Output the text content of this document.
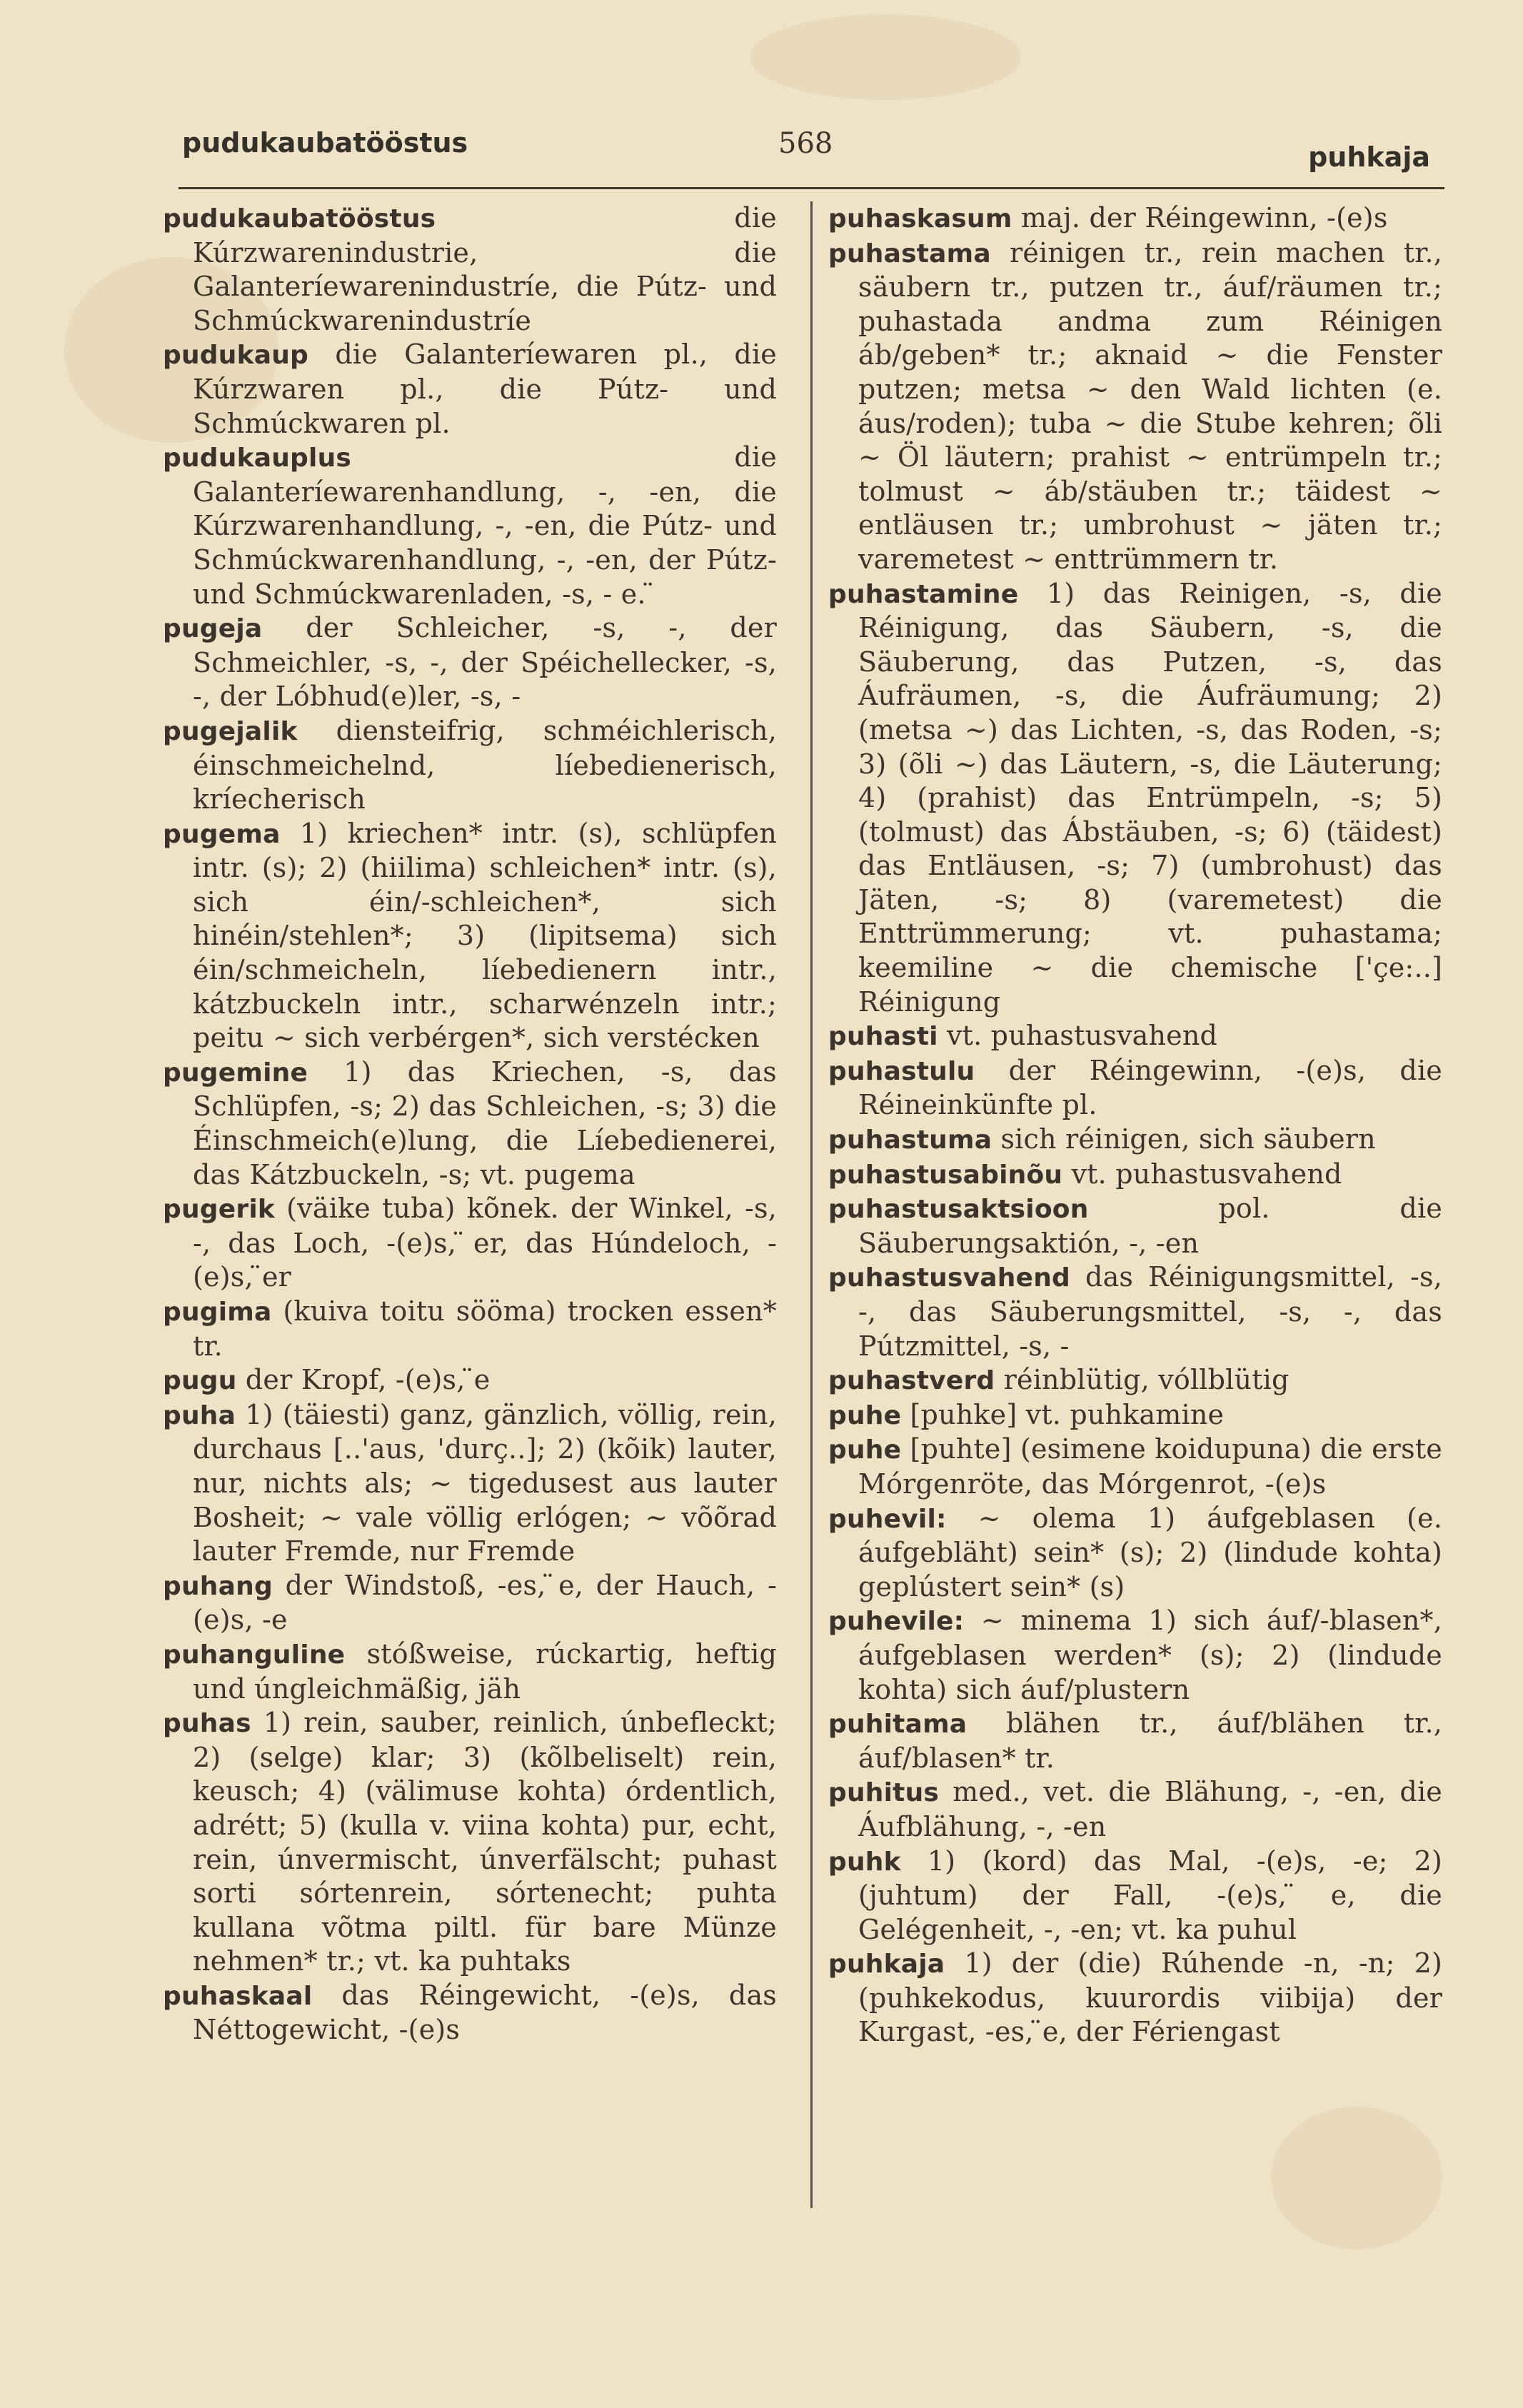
pudukaubatööstus	568	puhkaja

pudukaubatööstus die Kúrzwarenindustrie, die Galanteríewarenindustríe, die Pútz- und Schmúckwarenindustríe

pudukaup die Galanteríewaren pl., die Kúrzwaren pl., die Pútz- und Schmúckwaren pl.

pudukauplus die Galanteríewarenhandlung, -, -en, die Kúrzwarenhandlung, -, -en, die Pútz- und Schmúckwarenhandlung, -, -en, der Pútz- und Schmúckwarenladen, -s, - e. ̈

pugeja der Schleicher, -s, -, der Schmeichler, -s, -, der Spéichellecker, -s, -, der Lóbhud(e)ler, -s, -

pugejalik diensteifrig, schméichlerisch, éinschmeichelnd, líebedienerisch, kríecherisch

pugema 1) kriechen* intr. (s), schlüpfen intr. (s); 2) (hiilima) schleichen* intr. (s), sich éin/-schleichen*, sich hinéin/stehlen*; 3) (lipitsema) sich éin/schmeicheln, líebedienern intr., kátzbuckeln intr., scharwénzeln intr.; peitu ~ sich verbérgen*, sich verstécken

pugemine 1) das Kriechen, -s, das Schlüpfen, -s; 2) das Schleichen, -s; 3) die Éinschmeich(e)lung, die Líebedienerei, das Kátzbuckeln, -s; vt. pugema

pugerik (väike tuba) kõnek. der Winkel, -s, -, das Loch, -(e)s, ̈er, das Húndeloch, -(e)s, ̈er

pugima (kuiva toitu sööma) trocken essen* tr.

pugu der Kropf, -(e)s, ̈e

puha 1) (täiesti) ganz, gänzlich, völlig, rein, durchaus [..'aus, 'durç..]; 2) (kõik) lauter, nur, nichts als; ~ tigedusest aus lauter Bosheit; ~ vale völlig erlógen; ~ võõrad lauter Fremde, nur Fremde

puhang der Windstoß, -es, ̈e, der Hauch, -(e)s, -e

puhanguline stóßweise, rúckartig, heftig und úngleichmäßig, jäh

puhas 1) rein, sauber, reinlich, únbefleckt; 2) (selge) klar; 3) (kõlbeliselt) rein, keusch; 4) (välimuse kohta) órdentlich, adrétt; 5) (kulla v. viina kohta) pur, echt, rein, únvermischt, únverfälscht; puhast sorti sórtenrein, sórtenecht; puhta kullana võtma piltl. für bare Münze nehmen* tr.; vt. ka puhtaks

puhaskaal das Réingewicht, -(e)s, das Néttogewicht, -(e)s

puhaskasum maj. der Réingewinn, -(e)s

puhastama réinigen tr., rein machen tr., säubern tr., putzen tr., áuf/räumen tr.; puhastada andma zum Réinigen áb/geben* tr.; aknaid ~ die Fenster putzen; metsa ~ den Wald lichten (e. áus/roden); tuba ~ die Stube kehren; õli ~ Öl läutern; prahist ~ entrümpeln tr.; tolmust ~ áb/stäuben tr.; täidest ~ entläusen tr.; umbrohust ~ jäten tr.; varemetest ~ enttrümmern tr.

puhastamine 1) das Reinigen, -s, die Réinigung, das Säubern, -s, die Säuberung, das Putzen, -s, das Áufräumen, -s, die Áufräumung; 2) (metsa ~) das Lichten, -s, das Roden, -s; 3) (õli ~) das Läutern, -s, die Läuterung; 4) (prahist) das Entrümpeln, -s; 5) (tolmust) das Ábstäuben, -s; 6) (täidest) das Entläusen, -s; 7) (umbrohust) das Jäten, -s; 8) (varemetest) die Enttrümmerung; vt. puhastama; keemiline ~ die chemische ['çe:..] Réinigung

puhasti vt. puhastusvahend

puhastulu der Réingewinn, -(e)s, die Réineinkünfte pl.

puhastuma sich réinigen, sich säubern

puhastusabinõu vt. puhastusvahend

puhastusaktsioon pol. die Säuberungsaktión, -, -en

puhastusvahend das Réinigungsmittel, -s, -, das Säuberungsmittel, -s, -, das Pútzmittel, -s, -

puhastverd réinblütig, vóllblütig

puhe [puhke] vt. puhkamine

puhe [puhte] (esimene koidupuna) die erste Mórgenröte, das Mórgenrot, -(e)s

puhevil: ~ olema 1) áufgeblasen (e. áufgebläht) sein* (s); 2) (lindude kohta) geplústert sein* (s)

puhevile: ~ minema 1) sich áuf/-blasen*, áufgeblasen werden* (s); 2) (lindude kohta) sich áuf/plustern

puhitama blähen tr., áuf/blähen tr., áuf/blasen* tr.

puhitus med., vet. die Blähung, -, -en, die Áufblähung, -, -en

puhk 1) (kord) das Mal, -(e)s, -e; 2) (juhtum) der Fall, -(e)s, ̈e, die Gelégenheit, -, -en; vt. ka puhul

puhkaja 1) der (die) Rúhende -n, -n; 2) (puhkekodus, kuurordis viibija) der Kurgast, -es, ̈e, der Fériengast
